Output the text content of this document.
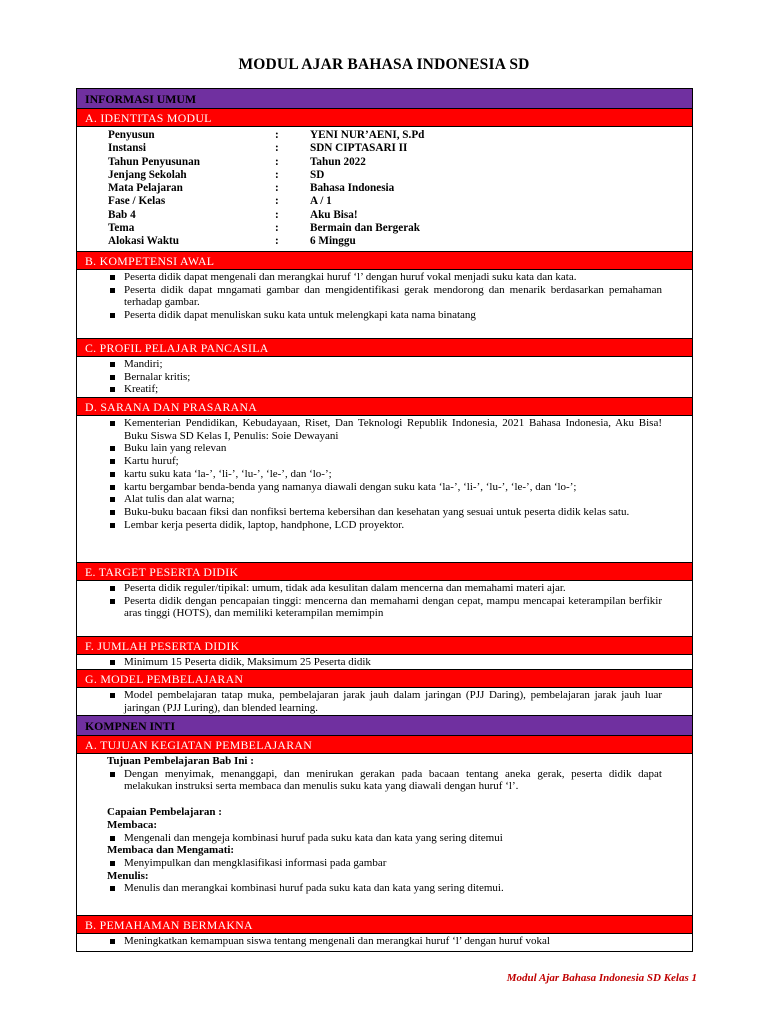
MODUL AJAR BAHASA INDONESIA SD
INFORMASI UMUM
A. IDENTITAS MODUL
Penyusun	:	YENI NUR’AENI, S.Pd
Instansi	:	SDN CIPTASARI II
Tahun Penyusunan	:	Tahun 2022
Jenjang Sekolah	:	SD
Mata Pelajaran	:	Bahasa Indonesia
Fase / Kelas	:	A / 1
Bab 4	:	Aku Bisa!
Tema	:	Bermain dan Bergerak
Alokasi Waktu	:	6 Minggu
B. KOMPETENSI AWAL
Peserta didik dapat mengenali dan merangkai huruf ‘l’ dengan huruf vokal menjadi suku kata dan kata.
Peserta didik dapat mngamati gambar dan mengidentifikasi gerak mendorong dan menarik berdasarkan pemahaman terhadap gambar.
Peserta didik dapat menuliskan suku kata untuk melengkapi kata nama binatang
C. PROFIL PELAJAR PANCASILA
Mandiri;
Bernalar kritis;
Kreatif;
D. SARANA DAN PRASARANA
Kementerian Pendidikan, Kebudayaan, Riset, Dan Teknologi Republik Indonesia, 2021 Bahasa Indonesia, Aku Bisa! Buku Siswa SD Kelas I, Penulis: Soie Dewayani
Buku lain yang relevan
Kartu huruf;
kartu suku kata ‘la-’, ‘li-’, ‘lu-’, ‘le-’, dan ‘lo-’;
kartu bergambar benda-benda yang namanya diawali dengan suku kata ‘la-’, ‘li-’, ‘lu-’, ‘le-’, dan ‘lo-’;
Alat tulis dan alat warna;
Buku-buku bacaan fiksi dan nonfiksi bertema kebersihan dan kesehatan yang sesuai untuk peserta didik kelas satu.
Lembar kerja peserta didik, laptop, handphone, LCD proyektor.
E. TARGET PESERTA DIDIK
Peserta didik reguler/tipikal: umum, tidak ada kesulitan dalam mencerna dan memahami materi ajar.
Peserta didik dengan pencapaian tinggi: mencerna dan memahami dengan cepat, mampu mencapai keterampilan berfikir aras tinggi (HOTS), dan memiliki keterampilan memimpin
F. JUMLAH PESERTA DIDIK
Minimum 15 Peserta didik, Maksimum 25 Peserta didik
G. MODEL PEMBELAJARAN
Model pembelajaran tatap muka, pembelajaran jarak jauh dalam jaringan (PJJ Daring), pembelajaran jarak jauh luar jaringan (PJJ Luring), dan blended learning.
KOMPNEN INTI
A. TUJUAN KEGIATAN PEMBELAJARAN
Tujuan Pembelajaran Bab Ini :
Dengan menyimak, menanggapi, dan menirukan gerakan pada bacaan tentang aneka gerak, peserta didik dapat melakukan instruksi serta membaca dan menulis suku kata yang diawali dengan huruf ‘l’.
Capaian Pembelajaran :
Membaca:
Mengenali dan mengeja kombinasi huruf pada suku kata dan kata yang sering ditemui
Membaca dan Mengamati:
Menyimpulkan dan mengklasifikasi informasi pada gambar
Menulis:
Menulis dan merangkai kombinasi huruf pada suku kata dan kata yang sering ditemui.
B. PEMAHAMAN BERMAKNA
Meningkatkan kemampuan siswa tentang mengenali dan merangkai huruf ‘l’ dengan huruf vokal
Modul Ajar Bahasa Indonesia SD Kelas 1
